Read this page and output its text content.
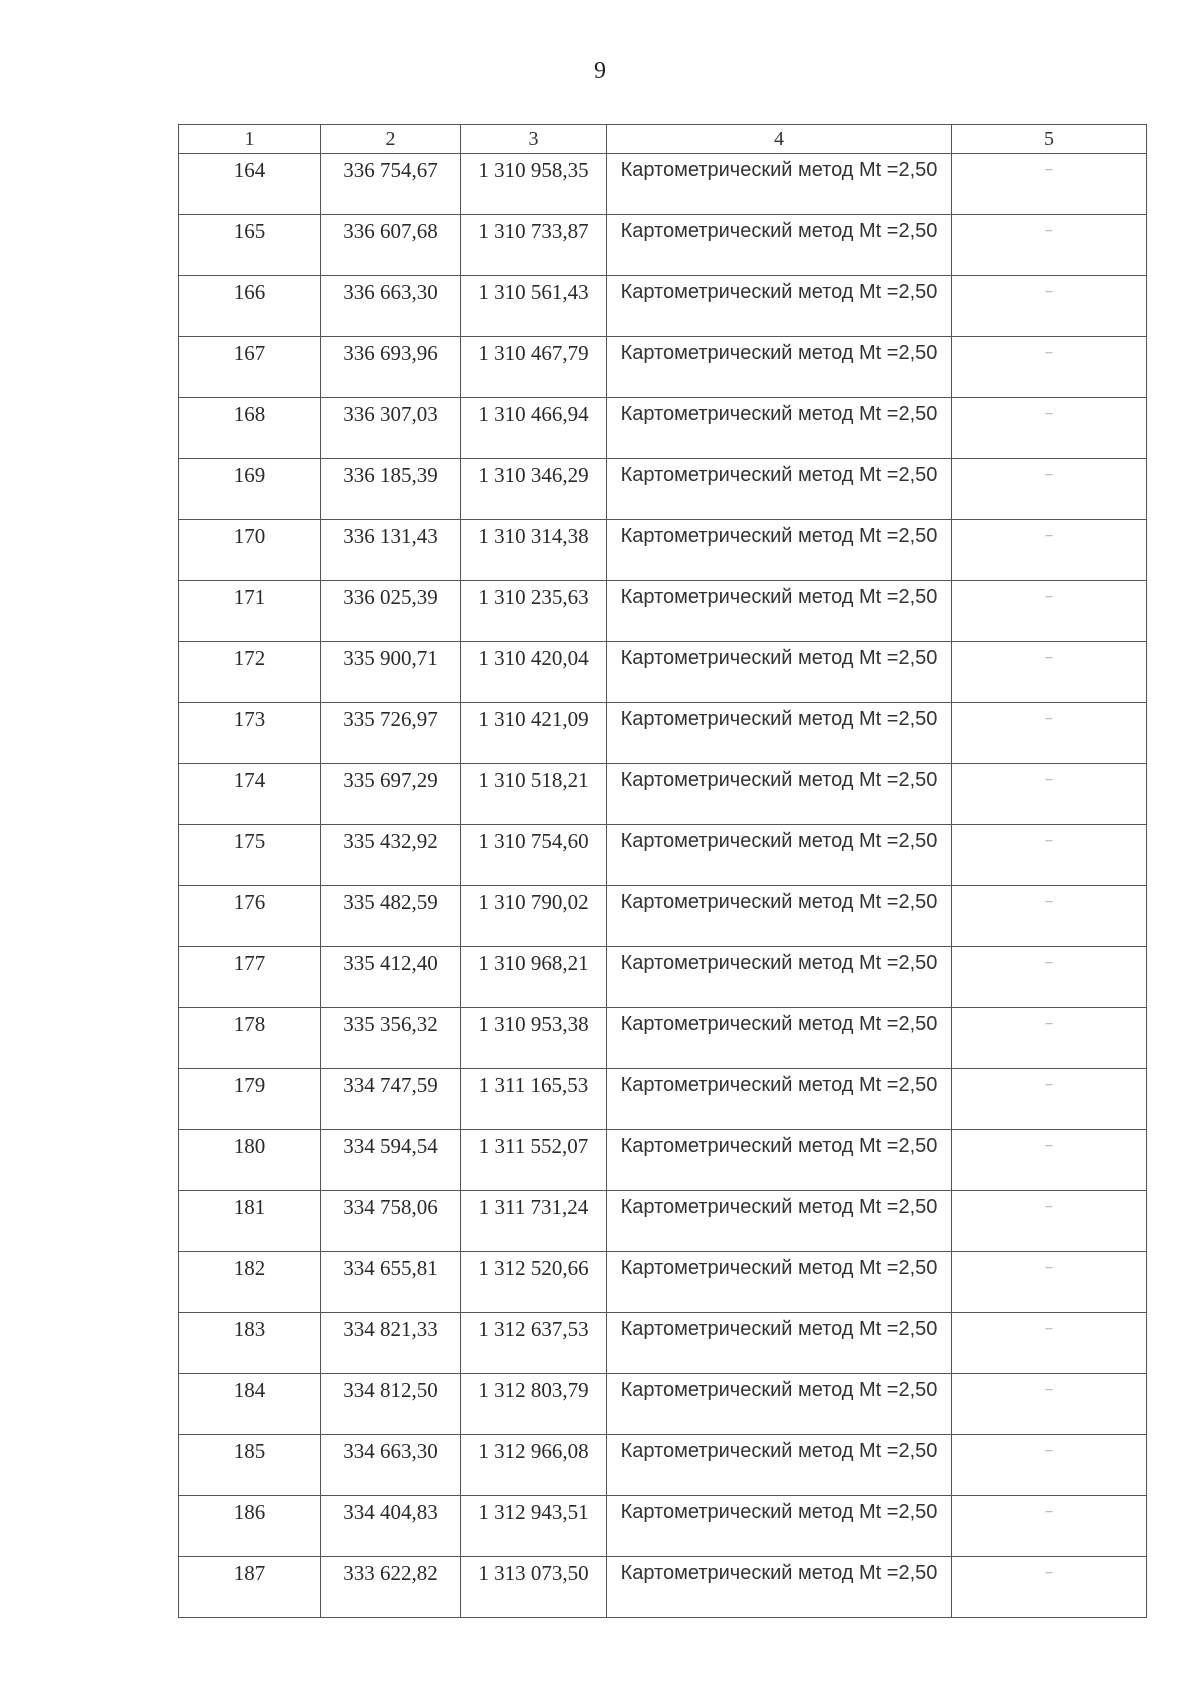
9
1	2	3	4	5
164	336 754,67	1 310 958,35	Картометрический метод Mt =2,50	–
165	336 607,68	1 310 733,87	Картометрический метод Mt =2,50	–
166	336 663,30	1 310 561,43	Картометрический метод Mt =2,50	–
167	336 693,96	1 310 467,79	Картометрический метод Mt =2,50	–
168	336 307,03	1 310 466,94	Картометрический метод Mt =2,50	–
169	336 185,39	1 310 346,29	Картометрический метод Mt =2,50	–
170	336 131,43	1 310 314,38	Картометрический метод Mt =2,50	–
171	336 025,39	1 310 235,63	Картометрический метод Mt =2,50	–
172	335 900,71	1 310 420,04	Картометрический метод Mt =2,50	–
173	335 726,97	1 310 421,09	Картометрический метод Mt =2,50	–
174	335 697,29	1 310 518,21	Картометрический метод Mt =2,50	–
175	335 432,92	1 310 754,60	Картометрический метод Mt =2,50	–
176	335 482,59	1 310 790,02	Картометрический метод Mt =2,50	–
177	335 412,40	1 310 968,21	Картометрический метод Mt =2,50	–
178	335 356,32	1 310 953,38	Картометрический метод Mt =2,50	–
179	334 747,59	1 311 165,53	Картометрический метод Mt =2,50	–
180	334 594,54	1 311 552,07	Картометрический метод Mt =2,50	–
181	334 758,06	1 311 731,24	Картометрический метод Mt =2,50	–
182	334 655,81	1 312 520,66	Картометрический метод Mt =2,50	–
183	334 821,33	1 312 637,53	Картометрический метод Mt =2,50	–
184	334 812,50	1 312 803,79	Картометрический метод Mt =2,50	–
185	334 663,30	1 312 966,08	Картометрический метод Mt =2,50	–
186	334 404,83	1 312 943,51	Картометрический метод Mt =2,50	–
187	333 622,82	1 313 073,50	Картометрический метод Mt =2,50	–
